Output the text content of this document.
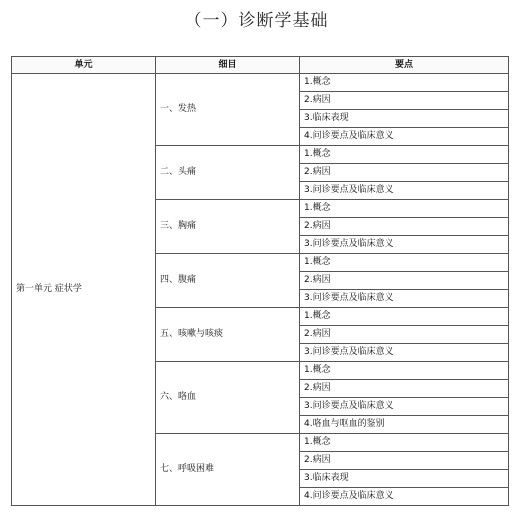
（一）诊断学基础
单元	细目	要点
第一单元 症状学	一、发热	1.概念
		2.病因
		3.临床表现
		4.问诊要点及临床意义
	二、头痛	1.概念
		2.病因
		3.问诊要点及临床意义
	三、胸痛	1.概念
		2.病因
		3.问诊要点及临床意义
	四、腹痛	1.概念
		2.病因
		3.问诊要点及临床意义
	五、咳嗽与咳痰	1.概念
		2.病因
		3.问诊要点及临床意义
	六、咯血	1.概念
		2.病因
		3.问诊要点及临床意义
		4.咯血与呕血的鉴别
	七、呼吸困难	1.概念
		2.病因
		3.临床表现
		4.问诊要点及临床意义
